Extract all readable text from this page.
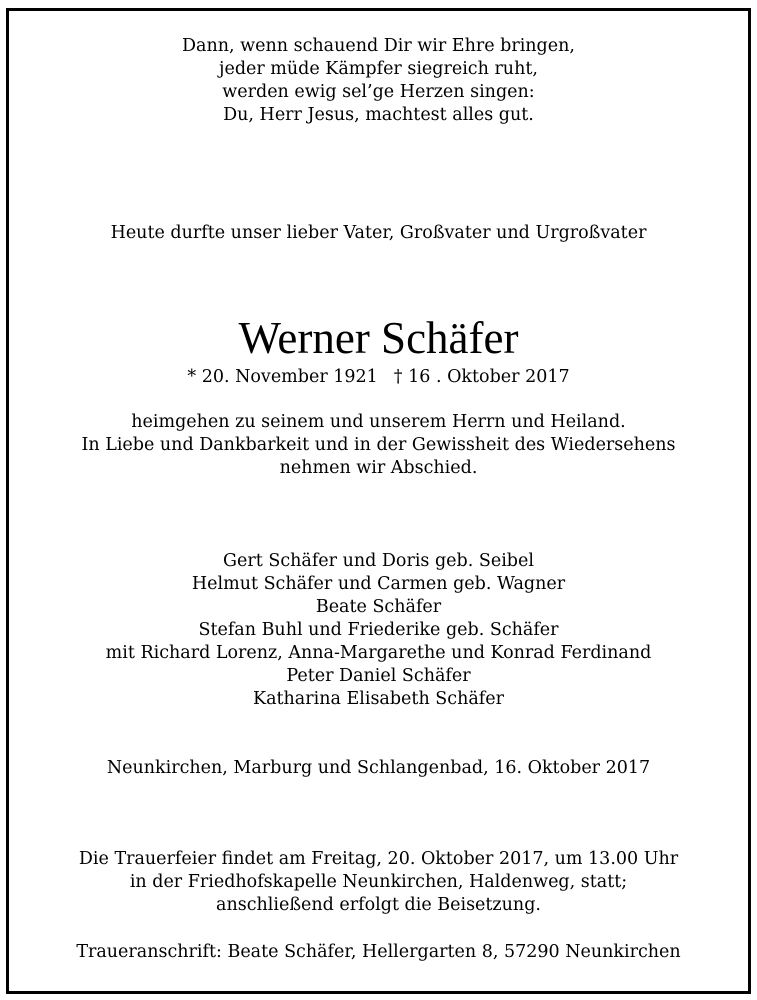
Dann, wenn schauend Dir wir Ehre bringen,
jeder müde Kämpfer siegreich ruht,
werden ewig sel’ge Herzen singen:
Du, Herr Jesus, machtest alles gut.
Heute durfte unser lieber Vater, Großvater und Urgroßvater
Werner Schäfer
* 20. November 1921 † 16 . Oktober 2017
heimgehen zu seinem und unserem Herrn und Heiland.
In Liebe und Dankbarkeit und in der Gewissheit des Wiedersehens
nehmen wir Abschied.
Gert Schäfer und Doris geb. Seibel
Helmut Schäfer und Carmen geb. Wagner
Beate Schäfer
Stefan Buhl und Friederike geb. Schäfer
mit Richard Lorenz, Anna-Margarethe und Konrad Ferdinand
Peter Daniel Schäfer
Katharina Elisabeth Schäfer
Neunkirchen, Marburg und Schlangenbad, 16. Oktober 2017
Die Trauerfeier findet am Freitag, 20. Oktober 2017, um 13.00 Uhr
in der Friedhofskapelle Neunkirchen, Haldenweg, statt;
anschließend erfolgt die Beisetzung.
Traueranschrift: Beate Schäfer, Hellergarten 8, 57290 Neunkirchen
